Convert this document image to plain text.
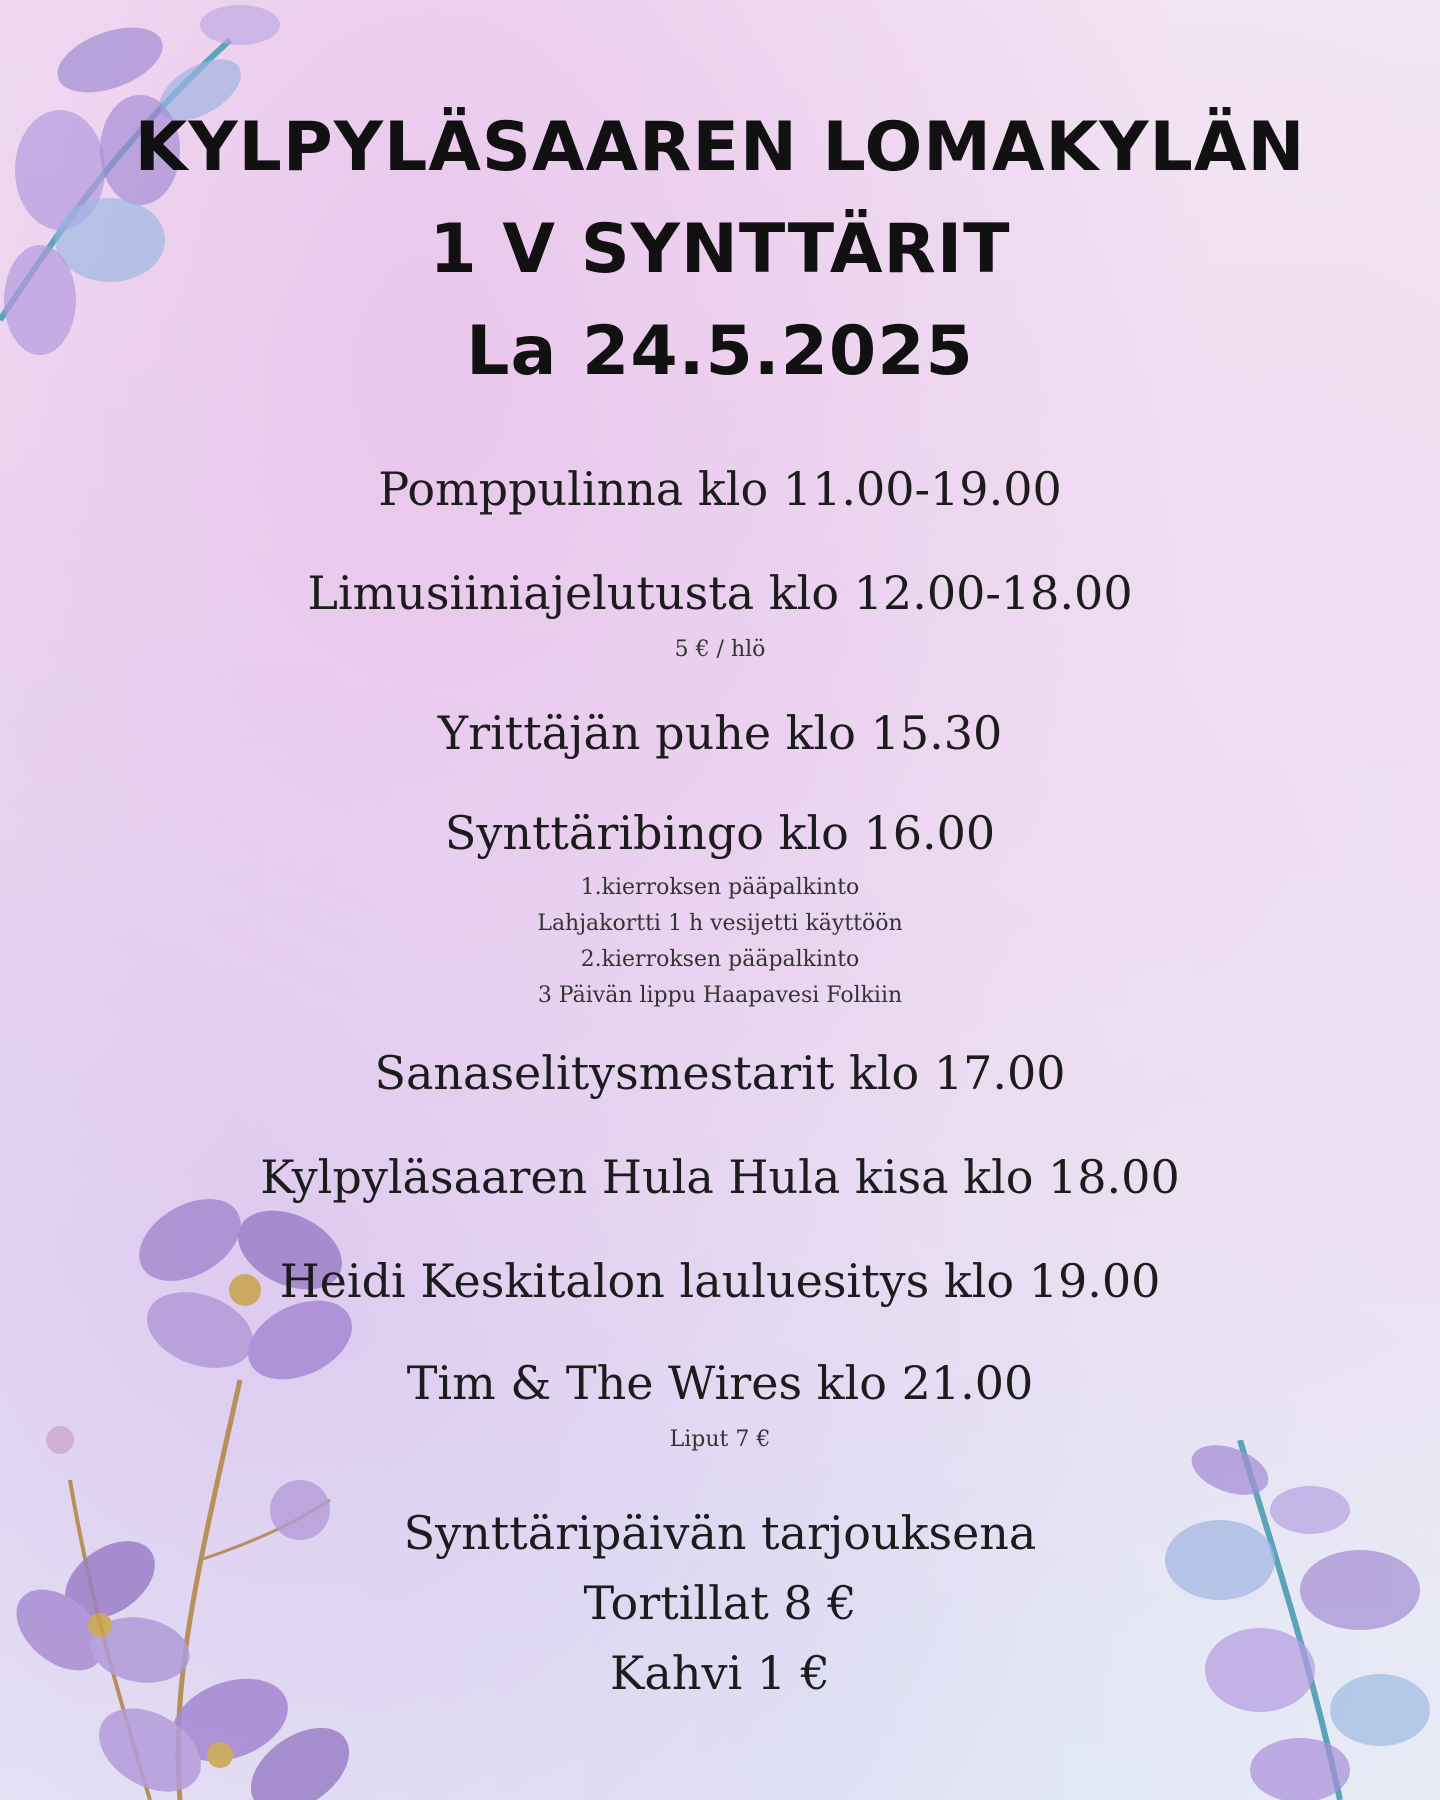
KYLPYLÄSAAREN LOMAKYLÄN
1 V SYNTTÄRIT
La 24.5.2025
Pomppulinna klo 11.00-19.00
Limusiiniajelutusta klo 12.00-18.00
5 € / hlö
Yrittäjän puhe klo 15.30
Synttäribingo klo 16.00
1.kierroksen pääpalkinto
Lahjakortti 1 h vesijetti käyttöön
2.kierroksen pääpalkinto
3 Päivän lippu Haapavesi Folkiin
Sanaselitysmestarit klo 17.00
Kylpyläsaaren Hula Hula kisa klo 18.00
Heidi Keskitalon lauluesitys klo 19.00
Tim & The Wires klo 21.00
Liput 7 €
Synttäripäivän tarjouksena
Tortillat 8 €
Kahvi 1 €
